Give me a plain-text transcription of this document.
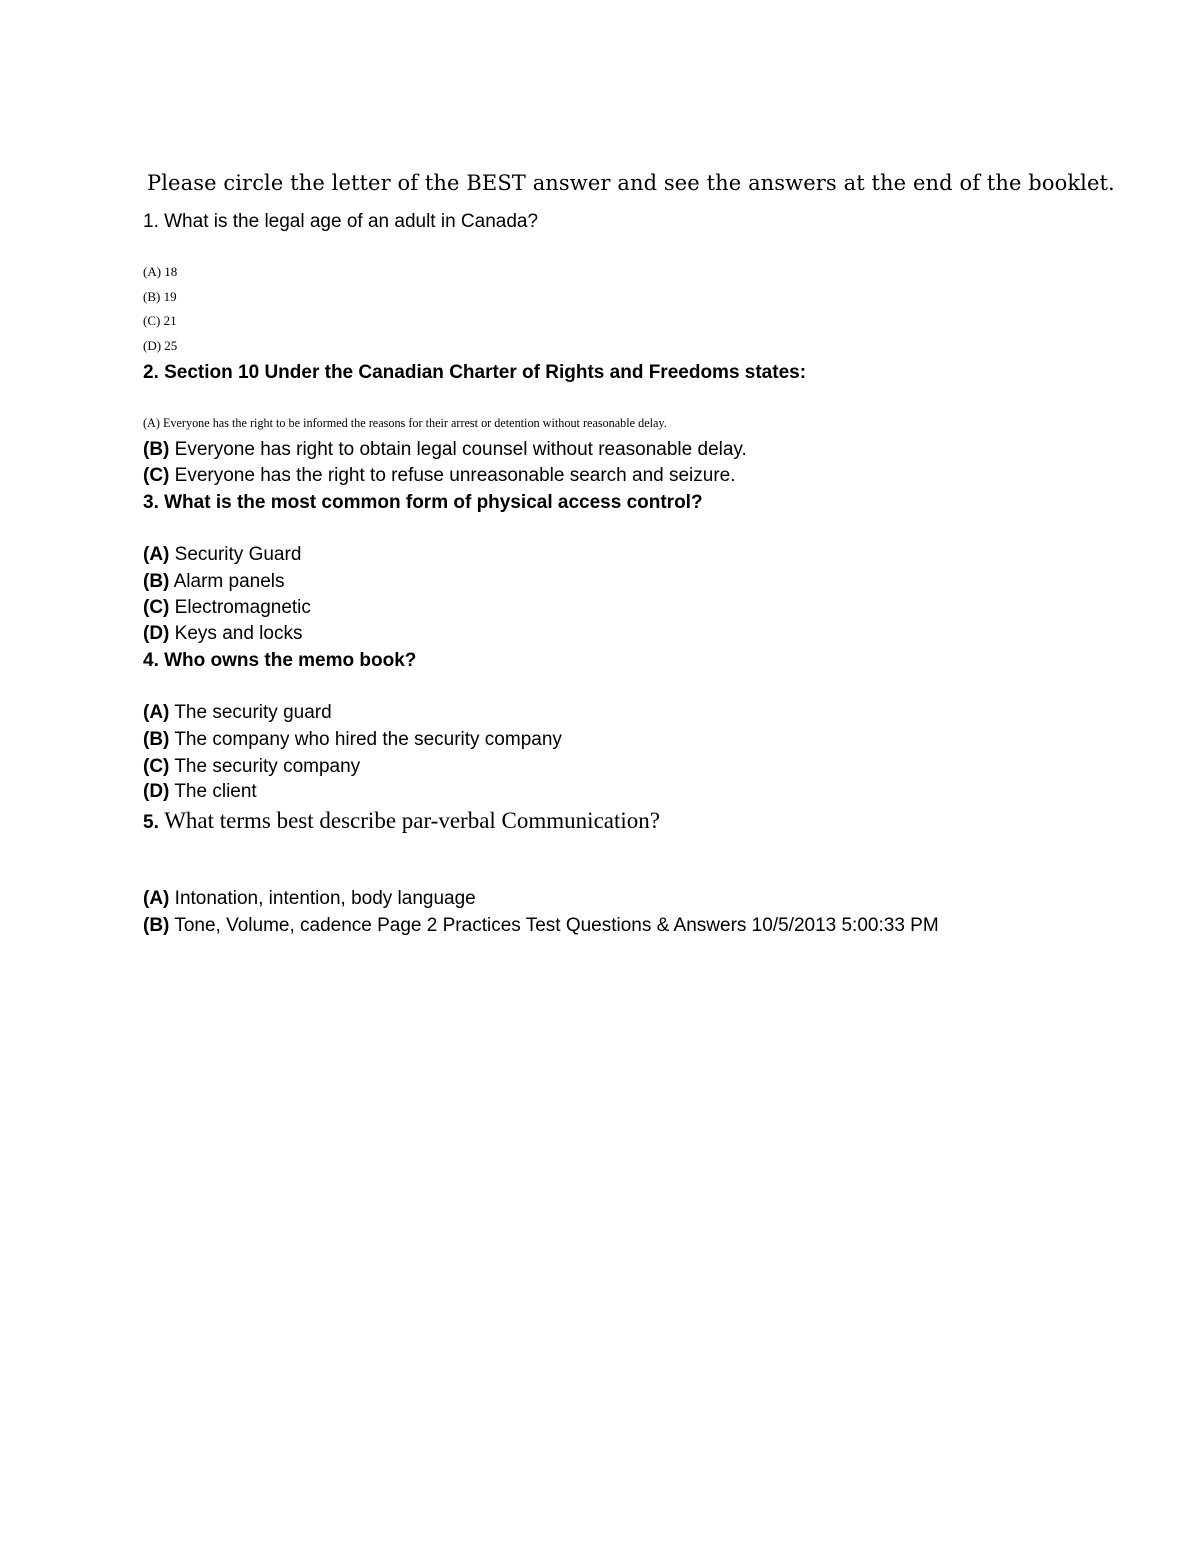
Please circle the letter of the BEST answer and see the answers at the end of the booklet.
1. What is the legal age of an adult in Canada?
(A) 18
(B) 19
(C) 21
(D) 25
2. Section 10 Under the Canadian Charter of Rights and Freedoms states:
(A) Everyone has the right to be informed the reasons for their arrest or detention without reasonable delay.
(B) Everyone has right to obtain legal counsel without reasonable delay.
(C) Everyone has the right to refuse unreasonable search and seizure.
3. What is the most common form of physical access control?
(A) Security Guard
(B) Alarm panels
(C) Electromagnetic
(D) Keys and locks
4. Who owns the memo book?
(A) The security guard
(B) The company who hired the security company
(C) The security company
(D) The client
5. What terms best describe par-verbal Communication?
(A) Intonation, intention, body language
(B) Tone, Volume, cadence Page 2 Practices Test Questions & Answers 10/5/2013 5:00:33 PM
